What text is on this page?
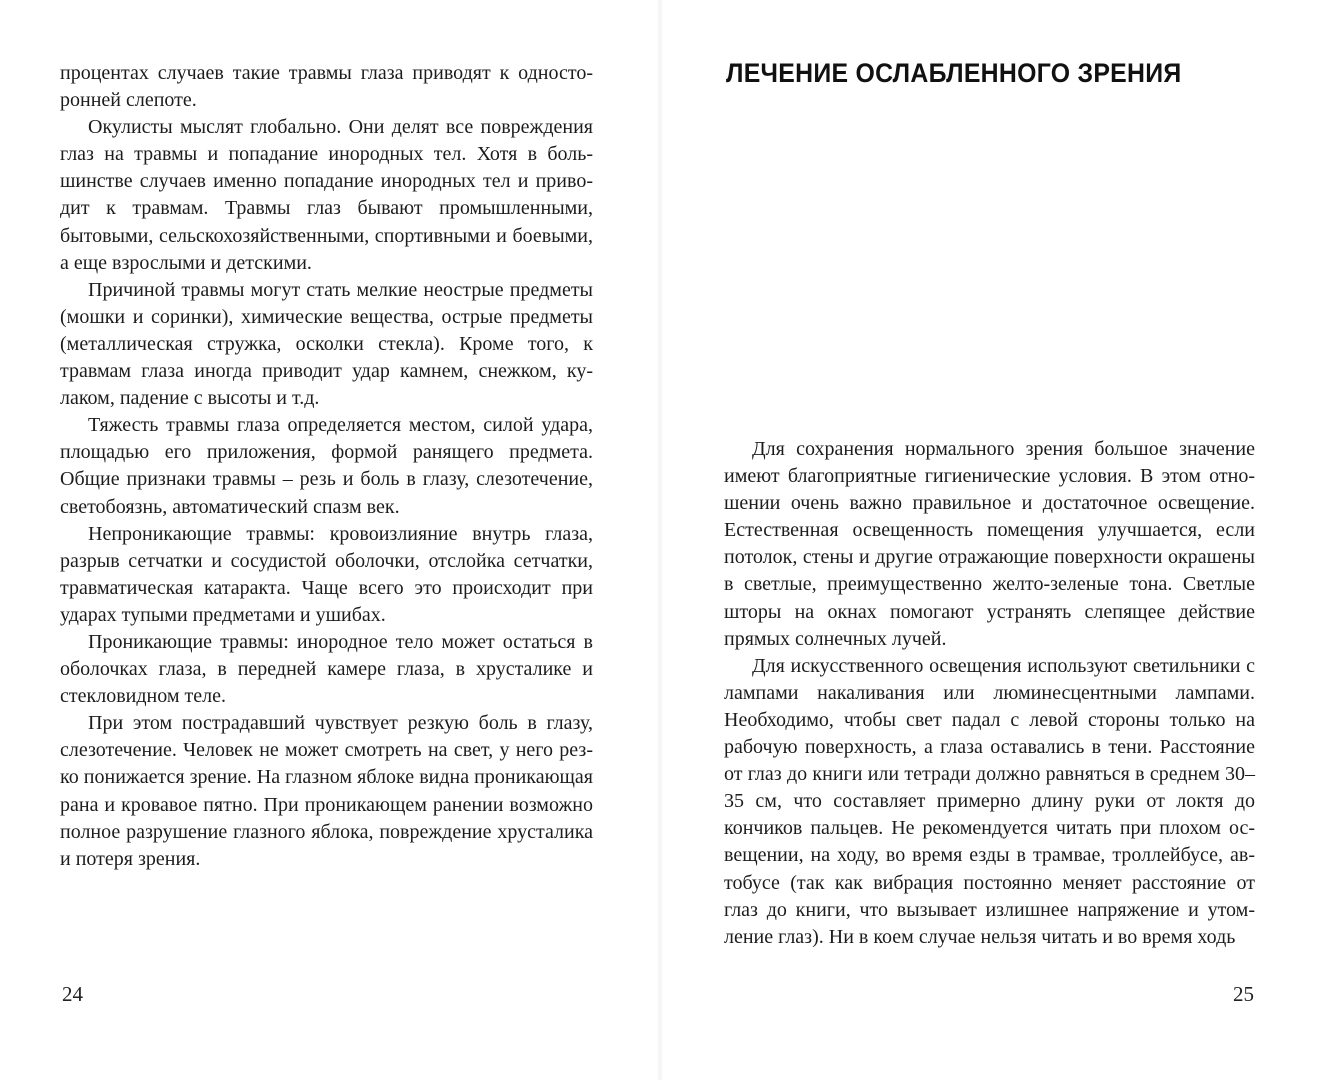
процентах случаев такие травмы глаза приводят к односторонней слепоте.

Окулисты мыслят глобально. Они делят все повреждения глаз на травмы и попадание инородных тел. Хотя в большинстве случаев именно попадание инородных тел и приводит к травмам. Травмы глаз бывают промышленными, бытовыми, сельскохозяйственными, спортивными и боевыми, а еще взрослыми и детскими.

Причиной травмы могут стать мелкие неострые предметы (мошки и соринки), химические вещества, острые предметы (металлическая стружка, осколки стекла). Кроме того, к травмам глаза иногда приводит удар камнем, снежком, кулаком, падение с высоты и т.д.

Тяжесть травмы глаза определяется местом, силой удара, площадью его приложения, формой ранящего предмета. Общие признаки травмы – резь и боль в глазу, слезотечение, светобоязнь, автоматический спазм век.

Непроникающие травмы: кровоизлияние внутрь глаза, разрыв сетчатки и сосудистой оболочки, отслойка сетчатки, травматическая катаракта. Чаще всего это происходит при ударах тупыми предметами и ушибах.

Проникающие травмы: инородное тело может остаться в оболочках глаза, в передней камере глаза, в хрусталике и стекловидном теле.

При этом пострадавший чувствует резкую боль в глазу, слезотечение. Человек не может смотреть на свет, у него резко понижается зрение. На глазном яблоке видна проникающая рана и кровавое пятно. При проникающем ранении возможно полное разрушение глазного яблока, повреждение хрусталика и потеря зрения.

24
ЛЕЧЕНИЕ ОСЛАБЛЕННОГО ЗРЕНИЯ

Для сохранения нормального зрения большое значение имеют благоприятные гигиенические условия. В этом отношении очень важно правильное и достаточное освещение. Естественная освещенность помещения улучшается, если потолок, стены и другие отражающие поверхности окрашены в светлые, преимущественно желто-зеленые тона. Светлые шторы на окнах помогают устранять слепящее действие прямых солнечных лучей.

Для искусственного освещения используют светильники с лампами накаливания или люминесцентными лампами. Необходимо, чтобы свет падал с левой стороны только на рабочую поверхность, а глаза оставались в тени. Расстояние от глаз до книги или тетради должно равняться в среднем 30–35 см, что составляет примерно длину руки от локтя до кончиков пальцев. Не рекомендуется читать при плохом освещении, на ходу, во время езды в трамвае, троллейбусе, автобусе (так как вибрация постоянно меняет расстояние от глаз до книги, что вызывает излишнее напряжение и утомление глаз). Ни в коем случае нельзя читать и во время ходь

25
